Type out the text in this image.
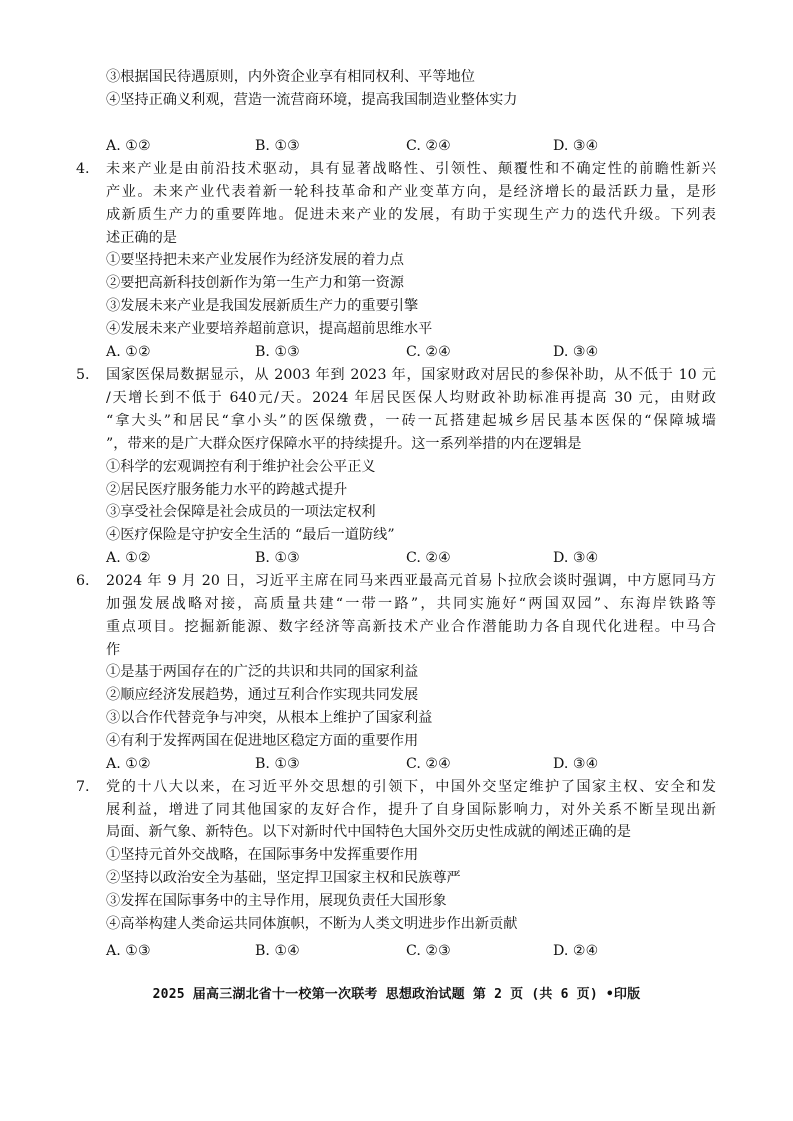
③根据国民待遇原则，内外资企业享有相同权利、平等地位
④坚持正确义利观，营造一流营商环境，提高我国制造业整体实力
A. ①②	B. ①③	C. ②④	D. ③④
4. 未来产业是由前沿技术驱动，具有显著战略性、引领性、颠覆性和不确定性的前瞻性新兴
产业。未来产业代表着新一轮科技革命和产业变革方向，是经济增长的最活跃力量，是形
成新质生产力的重要阵地。促进未来产业的发展，有助于实现生产力的迭代升级。下列表
述正确的是
①要坚持把未来产业发展作为经济发展的着力点
②要把高新科技创新作为第一生产力和第一资源
③发展未来产业是我国发展新质生产力的重要引擎
④发展未来产业要培养超前意识，提高超前思维水平
A. ①②	B. ①③	C. ②④	D. ③④
5. 国家医保局数据显示，从 2003 年到 2023 年，国家财政对居民的参保补助，从不低于 10 元
/天增长到不低于 640元/天。2024 年居民医保人均财政补助标准再提高 30 元，由财政
“拿大头”和居民“拿小头”的医保缴费，一砖一瓦搭建起城乡居民基本医保的“保障城墙
”，带来的是广大群众医疗保障水平的持续提升。这一系列举措的内在逻辑是
①科学的宏观调控有利于维护社会公平正义
②居民医疗服务能力水平的跨越式提升
③享受社会保障是社会成员的一项法定权利
④医疗保险是守护安全生活的 “最后一道防线”
A. ①②	B. ①③	C. ②④	D. ③④
6. 2024 年 9 月 20 日，习近平主席在同马来西亚最高元首易卜拉欣会谈时强调，中方愿同马方
加强发展战略对接，高质量共建“一带一路”，共同实施好“两国双园”、东海岸铁路等
重点项目。挖掘新能源、数字经济等高新技术产业合作潜能助力各自现代化进程。中马合
作
①是基于两国存在的广泛的共识和共同的国家利益
②顺应经济发展趋势，通过互利合作实现共同发展
③以合作代替竞争与冲突，从根本上维护了国家利益
④有利于发挥两国在促进地区稳定方面的重要作用
A. ①②	B. ①③	C. ②④	D. ③④
7. 党的十八大以来，在习近平外交思想的引领下，中国外交坚定维护了国家主权、安全和发
展利益，增进了同其他国家的友好合作，提升了自身国际影响力，对外关系不断呈现出新
局面、新气象、新特色。以下对新时代中国特色大国外交历史性成就的阐述正确的是
①坚持元首外交战略，在国际事务中发挥重要作用
②坚持以政治安全为基础，坚定捍卫国家主权和民族尊严
③发挥在国际事务中的主导作用，展现负责任大国形象
④高举构建人类命运共同体旗帜，不断为人类文明进步作出新贡献
A. ①③	B. ①④	C. ②③	D. ②④
2025 届高三湖北省十一校第一次联考 思想政治试题 第 2 页 (共 6 页) •印版
